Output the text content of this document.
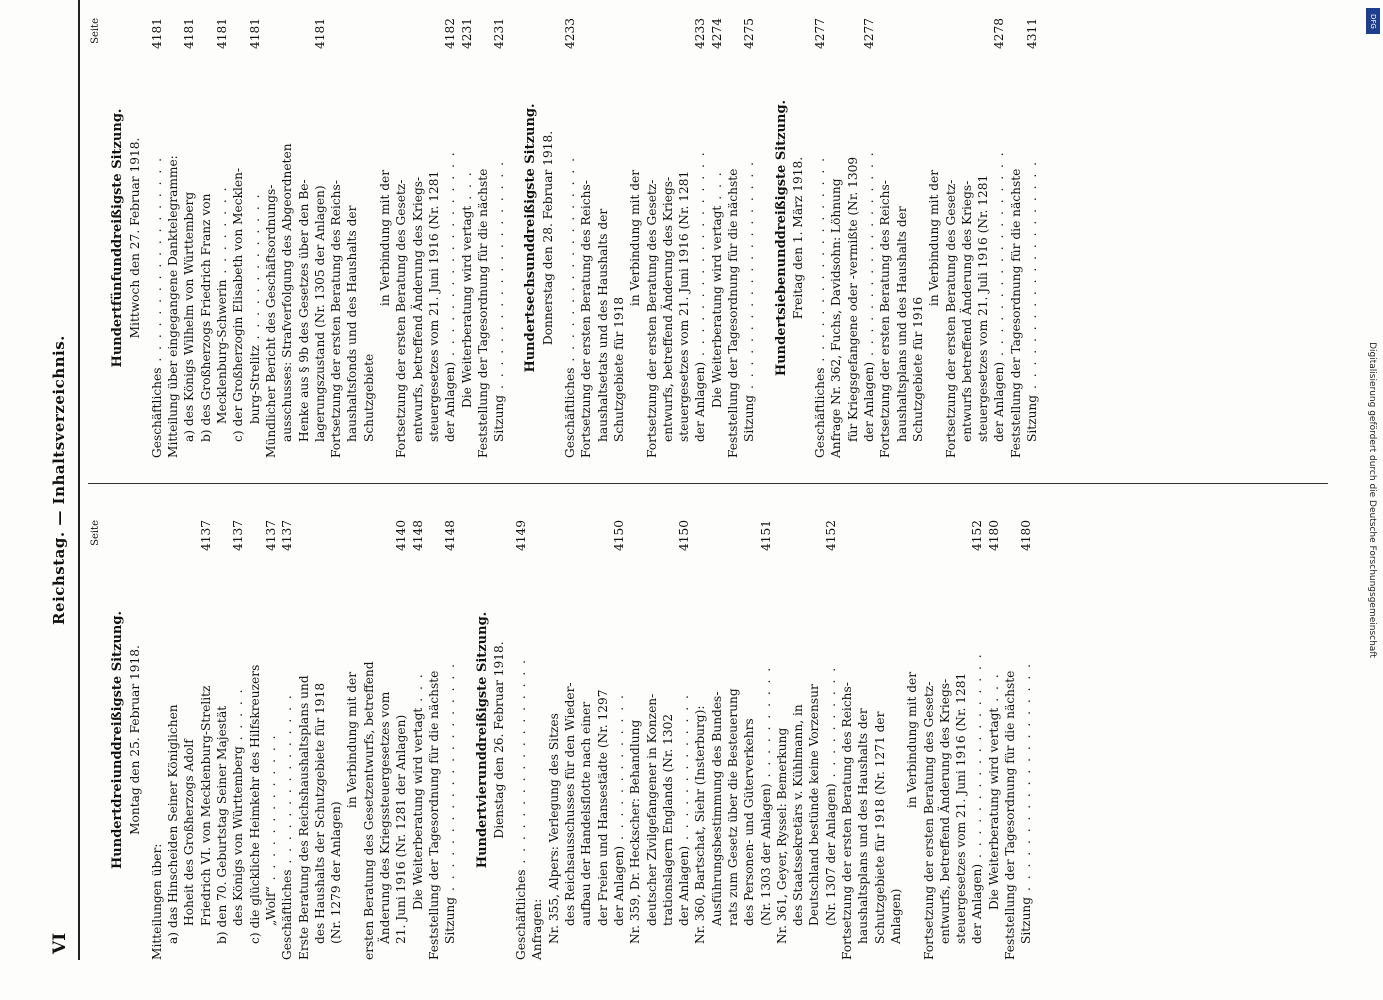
VI
Reichstag. — Inhaltsverzeichnis. Seite
Hundertdreiunddreißigste Sitzung. Montag den 25. Februar 1918.
Mitteilungen über: a) das Hinscheiden Seiner Königlichen Hoheit des Großherzogs Adolf Friedrich VI. von Mecklenburg-Strelitz
4137
b) den 70. Geburtstag Seiner Majestät des Königs von Württemberg . . . . .
4137
c) die glückliche Heimkehr des Hilfskreuzers „Wolf“ . . . . . . . . . . . . .
4137
Geschäftliches . . . . . . . . . . . . . . .
4137
Erste Beratung des Reichshaushaltsplans und des Haushalts der Schutzgebiete für 1918 (Nr. 1279 der Anlagen)
in Verbindung mit der ersten Beratung des Gesetzentwurfs, betreffend Änderung des Kriegssteuergesetzes vom 21. Juni 1916 (Nr. 1281 der Anlagen)
4140
Die Weiterberatung wird vertagt . . .
4148
Feststellung der Tagesordnung für die nächste Sitzung . . . . . . . . . . . . . . . . . . . .
4148
Hundertvierunddreißigste Sitzung. Dienstag den 26. Februar 1918.
Geschäftliches . . . . . . . . . . . . . . . . . .
4149
Anfragen: Nr. 355, Alpers: Verlegung des Sitzes des Reichsausschusses für den Wieder- aufbau der Handelsflotte nach einer der Freien und Hansestädte (Nr. 1297 der Anlagen) . . . . . . . . . . . . .
4150
Nr. 359, Dr. Heckscher: Behandlung deutscher Zivilgefangener in Konzen- trationslagern Englands (Nr. 1302 der Anlagen) . . . . . . . . . . . . .
4150
Nr. 360, Bartschat, Siehr (Insterburg): Ausführungsbestimmung des Bundes- rats zum Gesetz über die Besteuerung des Personen- und Güterverkehrs (Nr. 1303 der Anlagen) . . . . . . . . . .
4151
Nr. 361, Geyer, Ryssel: Bemerkung des Staatssekretärs v. Kühlmann, in Deutschland bestünde keine Vorzensur (Nr. 1307 der Anlagen) . . . . . . . . . .
4152
Fortsetzung der ersten Beratung des Reichs- haushaltsplans und des Haushalts der Schutzgebiete für 1918 (Nr. 1271 der Anlagen)
in Verbindung mit der Fortsetzung der ersten Beratung des Gesetz- entwurfs, betreffend Änderung des Kriegs- steuergesetzes vom 21. Juni 1916 (Nr. 1281 der Anlagen) . . . . . . . . . . . . . . . . . .
4152
Die Weiterberatung wird vertagt . . .
4180
Feststellung der Tagesordnung für die nächste Sitzung . . . . . . . . . . . . . . . . . . . .
4180
Seite
Hundertfünfunddreißigste Sitzung. Mittwoch den 27. Februar 1918.
Geschäftliches . . . . . . . . . . . . . . . . . .
4181
Mitteilung über eingegangene Danktelegramme: a) des Königs Wilhelm von Württemberg
4181
b) des Großherzogs Friedrich Franz von Mecklenburg-Schwerin . . . . . . . .
4181
c) der Großherzogin Elisabeth von Mecklen- burg-Strelitz . . . . . . . . . . . . .
4181
Mündlicher Bericht des Geschäftsordnungs- ausschusses: Strafverfolgung des Abgeordneten Henke aus § 9b des Gesetzes über den Be- lagerungszustand (Nr. 1305 der Anlagen)
4181
Fortsetzung der ersten Beratung des Reichs- haushaltsfonds und des Haushalts der Schutzgebiete
in Verbindung mit der Fortsetzung der ersten Beratung des Gesetz- entwurfs, betreffend Änderung des Kriegs- steuergesetzes vom 21. Juni 1916 (Nr. 1281 der Anlagen) . . . . . . . . . . . . . . . . . .
4182
Die Weiterberatung wird vertagt . . .
4231
Feststellung der Tagesordnung für die nächste Sitzung . . . . . . . . . . . . . . . . . . . .
4231
Hundertsechsunddreißigste Sitzung. Donnerstag den 28. Februar 1918.
Geschäftliches . . . . . . . . . . . . . . . . . .
4233
Fortsetzung der ersten Beratung des Reichs- haushaltsetats und des Haushalts der Schutzgebiete für 1918
in Verbindung mit der Fortsetzung der ersten Beratung des Gesetz- entwurfs, betreffend Änderung des Kriegs- steuergesetzes vom 21. Juni 1916 (Nr. 1281 der Anlagen) . . . . . . . . . . . . . . . . . .
4233
Die Weiterberatung wird vertagt . . .
4274
Feststellung der Tagesordnung für die nächste Sitzung . . . . . . . . . . . . . . . . . . . .
4275
Hundertsiebenunddreißigste Sitzung. Freitag den 1. März 1918.
Geschäftliches . . . . . . . . . . . . . . . . . .
4277
Anfrage Nr. 362, Fuchs, Davidsohn: Löhnung für Kriegsgefangene oder -vermißte (Nr. 1309 der Anlagen) . . . . . . . . . . . . . . . . . .
4277
Fortsetzung der ersten Beratung des Reichs- haushaltsplans und des Haushalts der Schutzgebiete für 1916
in Verbindung mit der Fortsetzung der ersten Beratung des Gesetz- entwurfs betreffend Änderung des Kriegs- steuergesetzes vom 21. Juli 1916 (Nr. 1281 der Anlagen) . . . . . . . . . . . . . . . . . .
4278
Feststellung der Tagesordnung für die nächste Sitzung . . . . . . . . . . . . . . . . . . . .
4311	DFG
Digitalisierung gefördert durch die Deutsche Forschungsgemeinschaft
